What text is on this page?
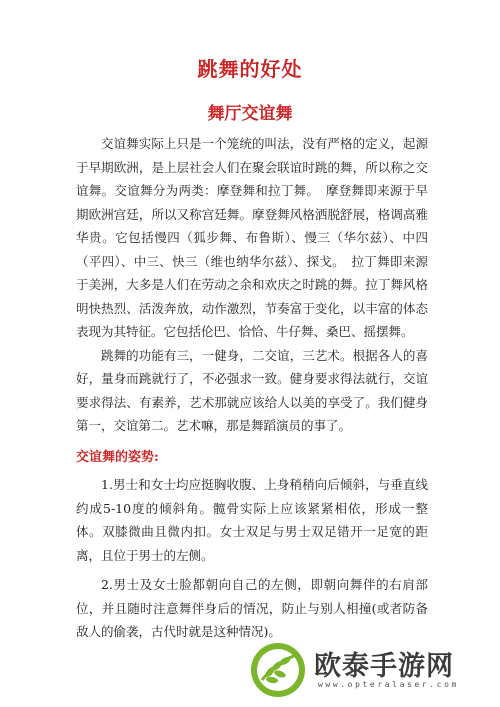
跳舞的好处
舞厅交谊舞

交谊舞实际上只是一个笼统的叫法，没有严格的定义，起源于早期欧洲，是上层社会人们在聚会联谊时跳的舞，所以称之交谊舞。交谊舞分为两类：摩登舞和拉丁舞。　摩登舞即来源于早期欧洲宫廷，所以又称宫廷舞。摩登舞风格洒脱舒展，格调高雅华贵。它包括慢四（狐步舞、布鲁斯）、慢三（华尔兹）、中四（平四）、中三、快三（维也纳华尔兹）、探戈。　拉丁舞即来源于美洲，大多是人们在劳动之余和欢庆之时跳的舞。拉丁舞风格明快热烈、活泼奔放，动作激烈，节奏富于变化，以丰富的体态表现为其特征。它包括伦巴、恰恰、牛仔舞、桑巴、摇摆舞。

跳舞的功能有三，一健身，二交谊，三艺术。根据各人的喜好，量身而跳就行了，不必强求一致。健身要求得法就行，交谊要求得法、有素养，艺术那就应该给人以美的享受了。我们健身第一，交谊第二。艺术嘛，那是舞蹈演员的事了。

交谊舞的姿势:

1.男士和女士均应挺胸收腹、上身稍稍向后倾斜，与垂直线约成5-10度的倾斜角。髋骨实际上应该紧紧相依，形成一整体。双膝微曲且微内扣。女士双足与男士双足错开一足宽的距离，且位于男士的左侧。

2.男士及女士脸都朝向自己的左侧，即朝向舞伴的右肩部位，并且随时注意舞伴身后的情况，防止与别人相撞(或者防备敌人的偷袭，古代时就是这种情况)。

欧泰手游网
www.opteralaser.com
